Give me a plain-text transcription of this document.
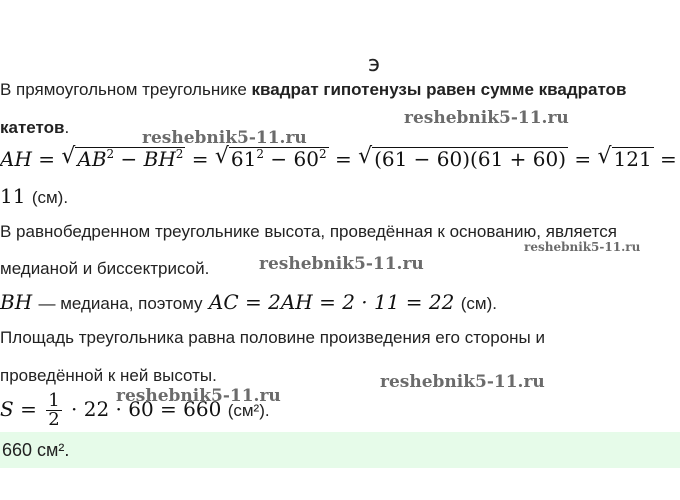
э
В прямоугольном треугольнике квадрат гипотенузы равен сумме квадратов
катетов.
AH = √ $AB^2 - BH^2$ = √ $61^2 - 60^2$ = √ (61 − 60)(61 + 60) = √ 121 =
11 (см).
В равнобедренном треугольнике высота, проведённая к основанию, является
медианой и биссектрисой.
BH — медиана, поэтому AC = 2AH = 2 · 11 = 22 (см).
Площадь треугольника равна половине произведения его стороны и
проведённой к ней высоты.
$S = \frac{1}{2} \cdot 22 \cdot 60 = 660$ (см²).
660 см².
reshebnik5-11.ru
reshebnik5-11.ru
reshebnik5-11.ru
reshebnik5-11.ru
reshebnik5-11.ru
reshebnik5-11.ru
